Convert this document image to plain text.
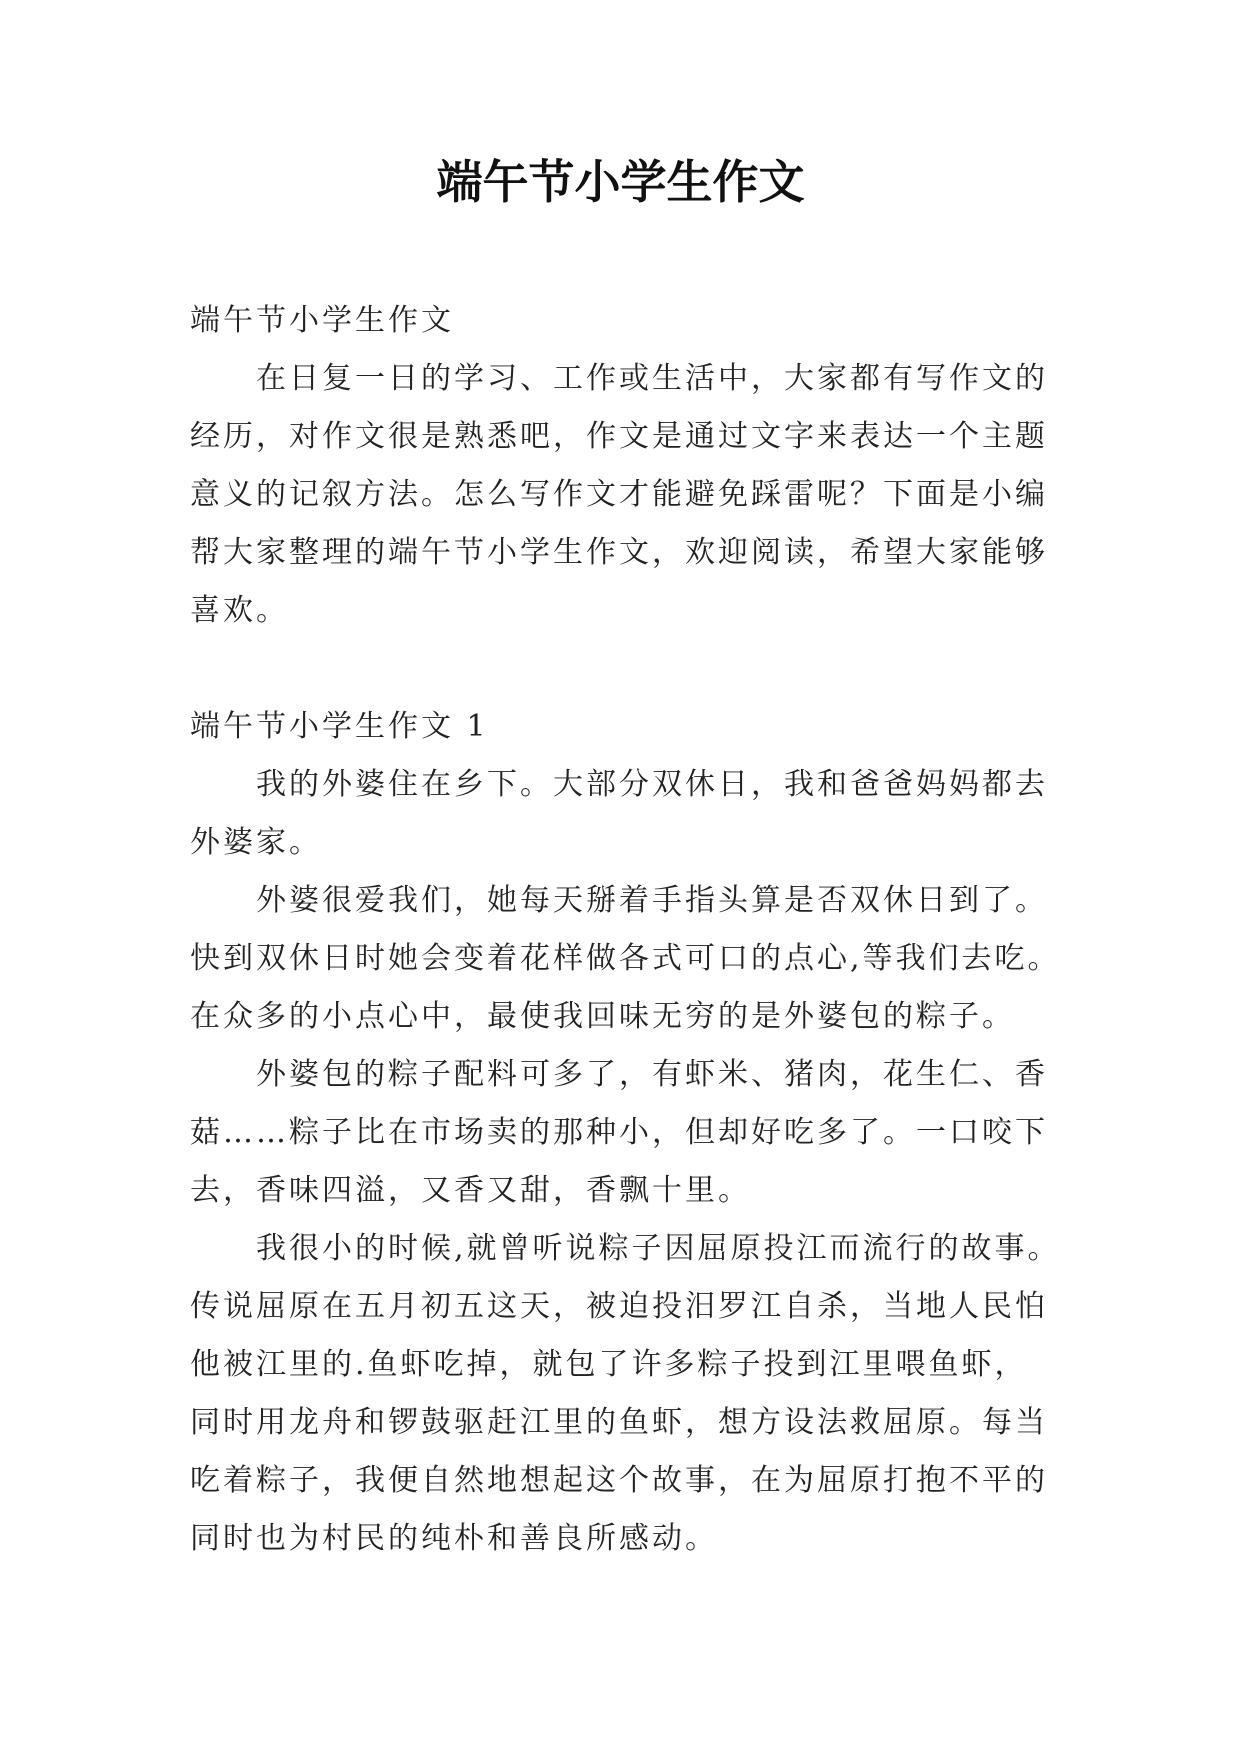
端午节小学生作文

端午节小学生作文

在日复一日的学习、工作或生活中，大家都有写作文的

经历，对作文很是熟悉吧，作文是通过文字来表达一个主题

意义的记叙方法。怎么写作文才能避免踩雷呢？下面是小编

帮大家整理的端午节小学生作文，欢迎阅读，希望大家能够

喜欢。

端午节小学生作文 1

我的外婆住在乡下。大部分双休日，我和爸爸妈妈都去

外婆家。

外婆很爱我们，她每天掰着手指头算是否双休日到了。

快到双休日时她会变着花样做各式可口的点心,等我们去吃。

在众多的小点心中，最使我回味无穷的是外婆包的粽子。

外婆包的粽子配料可多了，有虾米、猪肉，花生仁、香

菇……粽子比在市场卖的那种小，但却好吃多了。一口咬下

去，香味四溢，又香又甜，香飘十里。

我很小的时候,就曾听说粽子因屈原投江而流行的故事。

传说屈原在五月初五这天，被迫投汨罗江自杀，当地人民怕

他被江里的.鱼虾吃掉，就包了许多粽子投到江里喂鱼虾，

同时用龙舟和锣鼓驱赶江里的鱼虾，想方设法救屈原。每当

吃着粽子，我便自然地想起这个故事，在为屈原打抱不平的

同时也为村民的纯朴和善良所感动。
